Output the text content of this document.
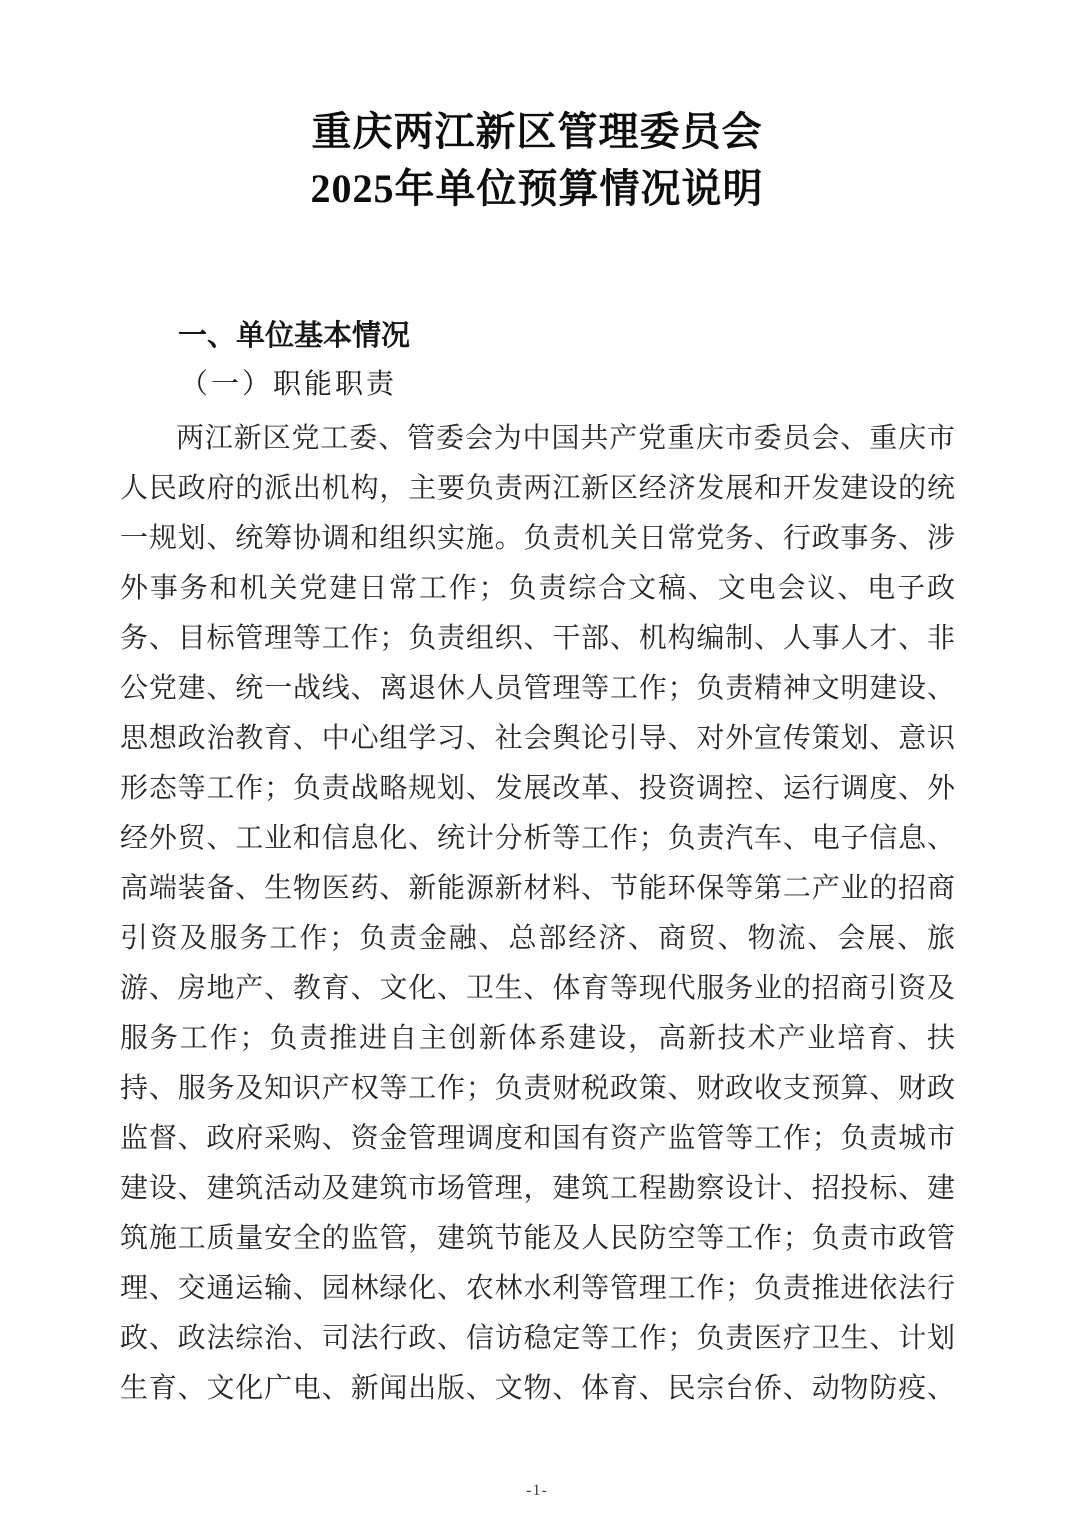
重庆两江新区管理委员会
2025年单位预算情况说明
一、单位基本情况
（一）职能职责
两江新区党工委、管委会为中国共产党重庆市委员会、重庆市
人民政府的派出机构，主要负责两江新区经济发展和开发建设的统
一规划、统筹协调和组织实施。负责机关日常党务、行政事务、涉
外事务和机关党建日常工作；负责综合文稿、文电会议、电子政
务、目标管理等工作；负责组织、干部、机构编制、人事人才、非
公党建、统一战线、离退休人员管理等工作；负责精神文明建设、
思想政治教育、中心组学习、社会舆论引导、对外宣传策划、意识
形态等工作；负责战略规划、发展改革、投资调控、运行调度、外
经外贸、工业和信息化、统计分析等工作；负责汽车、电子信息、
高端装备、生物医药、新能源新材料、节能环保等第二产业的招商
引资及服务工作；负责金融、总部经济、商贸、物流、会展、旅
游、房地产、教育、文化、卫生、体育等现代服务业的招商引资及
服务工作；负责推进自主创新体系建设，高新技术产业培育、扶
持、服务及知识产权等工作；负责财税政策、财政收支预算、财政
监督、政府采购、资金管理调度和国有资产监管等工作；负责城市
建设、建筑活动及建筑市场管理，建筑工程勘察设计、招投标、建
筑施工质量安全的监管，建筑节能及人民防空等工作；负责市政管
理、交通运输、园林绿化、农林水利等管理工作；负责推进依法行
政、政法综治、司法行政、信访稳定等工作；负责医疗卫生、计划
生育、文化广电、新闻出版、文物、体育、民宗台侨、动物防疫、
-1-
